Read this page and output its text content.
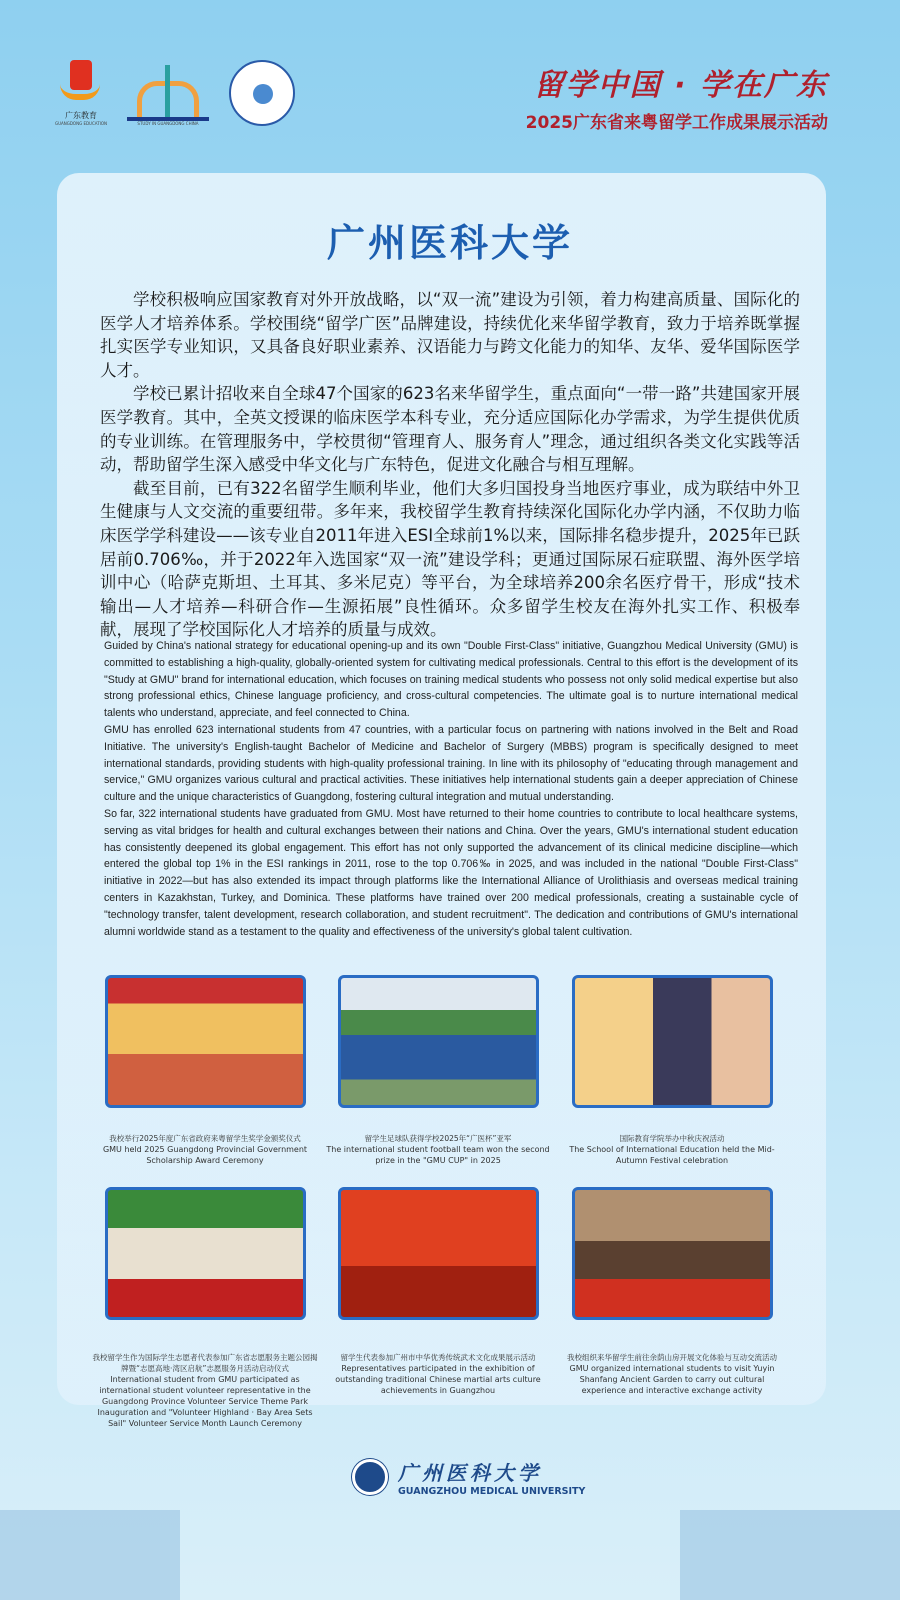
广东教育
GUANGDONG EDUCATION	STUDY IN GUANGDONG CHINA
留学中国 · 学在广东
2025广东省来粤留学工作成果展示活动
广州医科大学

学校积极响应国家教育对外开放战略，以“双一流”建设为引领，着力构建高质量、国际化的医学人才培养体系。学校围绕“留学广医”品牌建设，持续优化来华留学教育，致力于培养既掌握扎实医学专业知识，又具备良好职业素养、汉语能力与跨文化能力的知华、友华、爱华国际医学人才。

学校已累计招收来自全球47个国家的623名来华留学生，重点面向“一带一路”共建国家开展医学教育。其中，全英文授课的临床医学本科专业，充分适应国际化办学需求，为学生提供优质的专业训练。在管理服务中，学校贯彻“管理育人、服务育人”理念，通过组织各类文化实践等活动，帮助留学生深入感受中华文化与广东特色，促进文化融合与相互理解。

截至目前，已有322名留学生顺利毕业，他们大多归国投身当地医疗事业，成为联结中外卫生健康与人文交流的重要纽带。多年来，我校留学生教育持续深化国际化办学内涵，不仅助力临床医学学科建设——该专业自2011年进入ESI全球前1%以来，国际排名稳步提升，2025年已跃居前0.706‰，并于2022年入选国家“双一流”建设学科；更通过国际尿石症联盟、海外医学培训中心（哈萨克斯坦、土耳其、多米尼克）等平台，为全球培养200余名医疗骨干，形成“技术输出—人才培养—科研合作—生源拓展”良性循环。众多留学生校友在海外扎实工作、积极奉献，展现了学校国际化人才培养的质量与成效。

Guided by China's national strategy for educational opening-up and its own "Double First-Class" initiative, Guangzhou Medical University (GMU) is committed to establishing a high-quality, globally-oriented system for cultivating medical professionals. Central to this effort is the development of its "Study at GMU" brand for international education, which focuses on training medical students who possess not only solid medical expertise but also strong professional ethics, Chinese language proficiency, and cross-cultural competencies. The ultimate goal is to nurture international medical talents who understand, appreciate, and feel connected to China.

GMU has enrolled 623 international students from 47 countries, with a particular focus on partnering with nations involved in the Belt and Road Initiative. The university's English-taught Bachelor of Medicine and Bachelor of Surgery (MBBS) program is specifically designed to meet international standards, providing students with high-quality professional training. In line with its philosophy of "educating through management and service," GMU organizes various cultural and practical activities. These initiatives help international students gain a deeper appreciation of Chinese culture and the unique characteristics of Guangdong, fostering cultural integration and mutual understanding.

So far, 322 international students have graduated from GMU. Most have returned to their home countries to contribute to local healthcare systems, serving as vital bridges for health and cultural exchanges between their nations and China. Over the years, GMU's international student education has consistently deepened its global engagement. This effort has not only supported the advancement of its clinical medicine discipline—which entered the global top 1% in the ESI rankings in 2011, rose to the top 0.706‰ in 2025, and was included in the national "Double First-Class" initiative in 2022—but has also extended its impact through platforms like the International Alliance of Urolithiasis and overseas medical training centers in Kazakhstan, Turkey, and Dominica. These platforms have trained over 200 medical professionals, creating a sustainable cycle of "technology transfer, talent development, research collaboration, and student recruitment". The dedication and contributions of GMU's international alumni worldwide stand as a testament to the quality and effectiveness of the university's global talent cultivation.

我校举行2025年度广东省政府来粤留学生奖学金颁奖仪式
GMU held 2025 Guangdong Provincial Government Scholarship Award Ceremony
留学生足球队获得学校2025年“广医杯”亚军
The international student football team won the second prize in the "GMU CUP" in 2025
国际教育学院举办中秋庆祝活动
The School of International Education held the Mid-Autumn Festival celebration
我校留学生作为国际学生志愿者代表参加广东省志愿服务主题公园揭牌暨“志愿高地·湾区启航”志愿服务月活动启动仪式
International student from GMU participated as international student volunteer representative in the Guangdong Province Volunteer Service Theme Park Inauguration and "Volunteer Highland · Bay Area Sets Sail" Volunteer Service Month Launch Ceremony
留学生代表参加广州市中华优秀传统武术文化成果展示活动
Representatives participated in the exhibition of outstanding traditional Chinese martial arts culture achievements in Guangzhou
我校组织来华留学生前往余荫山房开展文化体验与互动交流活动
GMU organized international students to visit Yuyin Shanfang Ancient Garden to carry out cultural experience and interactive exchange activity
广州医科大学
GUANGZHOU MEDICAL UNIVERSITY
